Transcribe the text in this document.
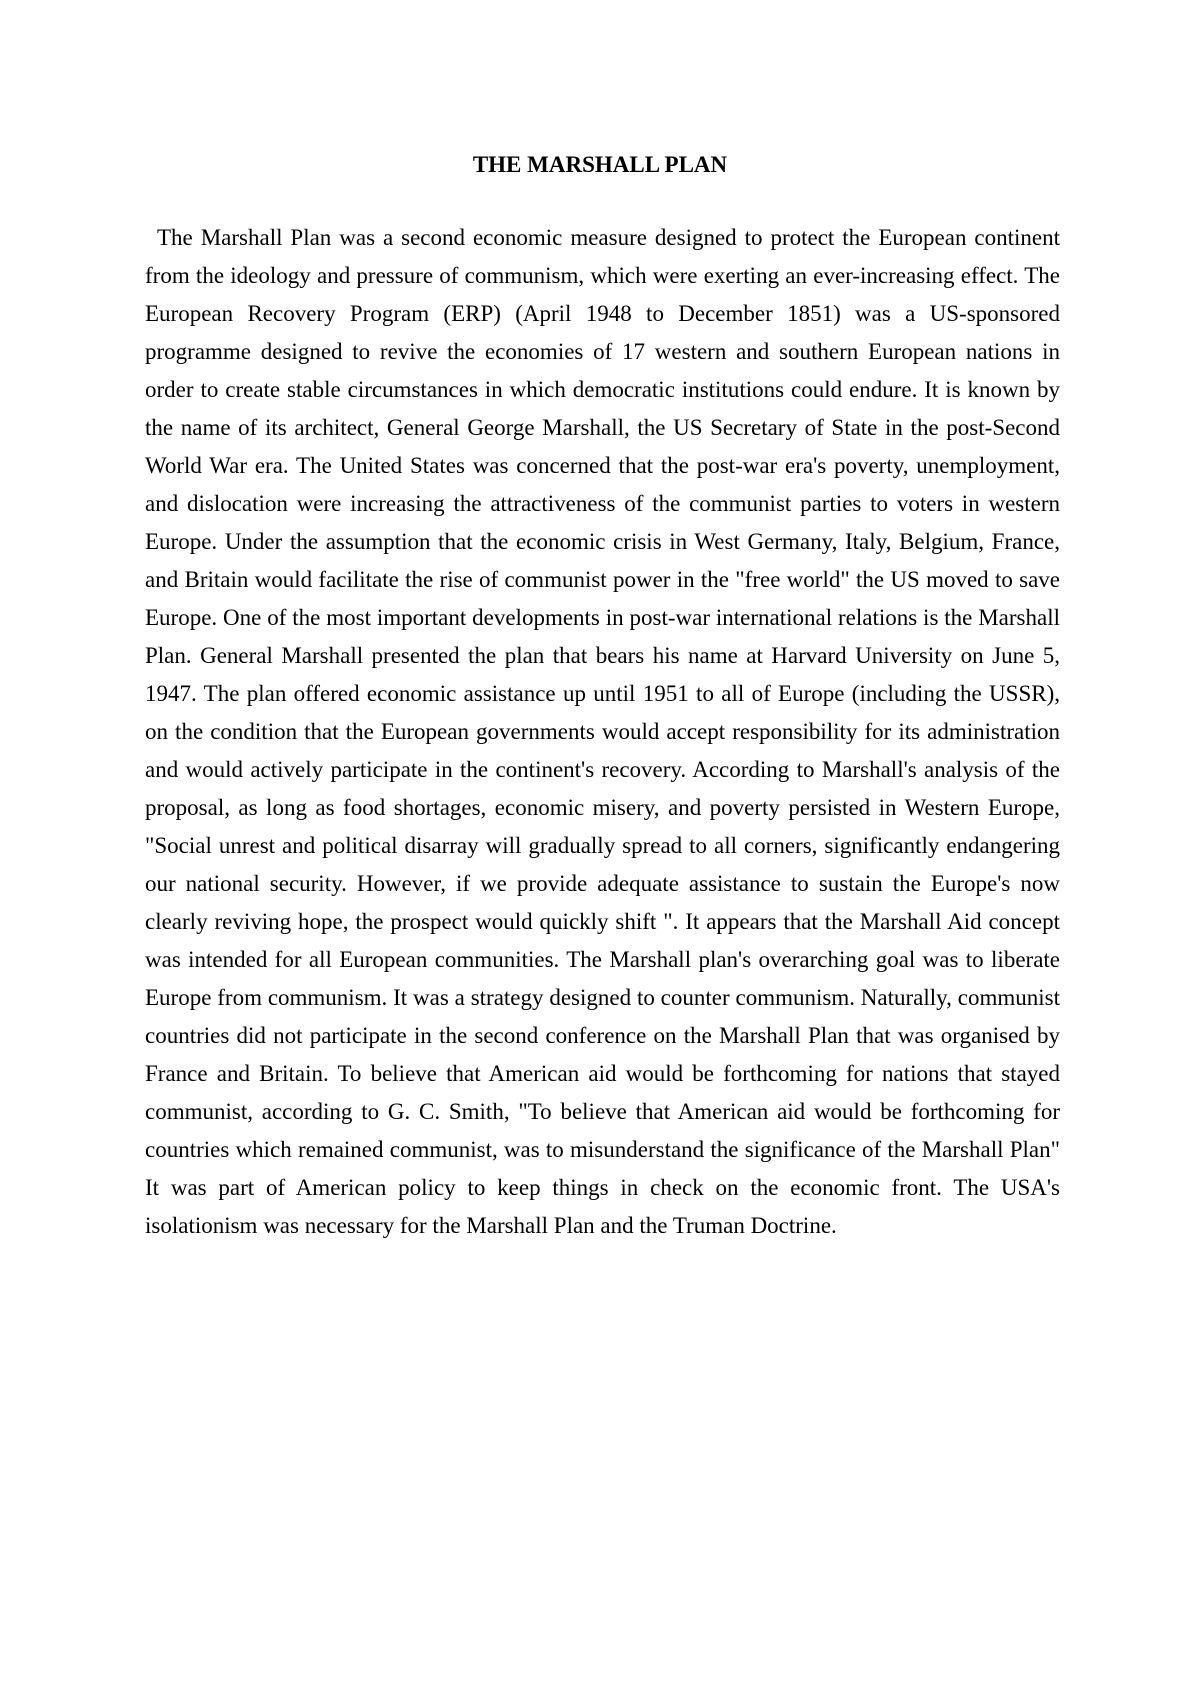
THE MARSHALL PLAN

The Marshall Plan was a second economic measure designed to protect the European continent from the ideology and pressure of communism, which were exerting an ever-increasing effect. The European Recovery Program (ERP) (April 1948 to December 1851) was a US-sponsored programme designed to revive the economies of 17 western and southern European nations in order to create stable circumstances in which democratic institutions could endure. It is known by the name of its architect, General George Marshall, the US Secretary of State in the post-Second World War era. The United States was concerned that the post-war era's poverty, unemployment, and dislocation were increasing the attractiveness of the communist parties to voters in western Europe. Under the assumption that the economic crisis in West Germany, Italy, Belgium, France, and Britain would facilitate the rise of communist power in the "free world" the US moved to save Europe. One of the most important developments in post-war international relations is the Marshall Plan. General Marshall presented the plan that bears his name at Harvard University on June 5, 1947. The plan offered economic assistance up until 1951 to all of Europe (including the USSR), on the condition that the European governments would accept responsibility for its administration and would actively participate in the continent's recovery. According to Marshall's analysis of the proposal, as long as food shortages, economic misery, and poverty persisted in Western Europe, "Social unrest and political disarray will gradually spread to all corners, significantly endangering our national security. However, if we provide adequate assistance to sustain the Europe's now clearly reviving hope, the prospect would quickly shift ". It appears that the Marshall Aid concept was intended for all European communities. The Marshall plan's overarching goal was to liberate Europe from communism. It was a strategy designed to counter communism. Naturally, communist countries did not participate in the second conference on the Marshall Plan that was organised by France and Britain. To believe that American aid would be forthcoming for nations that stayed communist, according to G. C. Smith, "To believe that American aid would be forthcoming for countries which remained communist, was to misunderstand the significance of the Marshall Plan" It was part of American policy to keep things in check on the economic front. The USA's isolationism was necessary for the Marshall Plan and the Truman Doctrine.
